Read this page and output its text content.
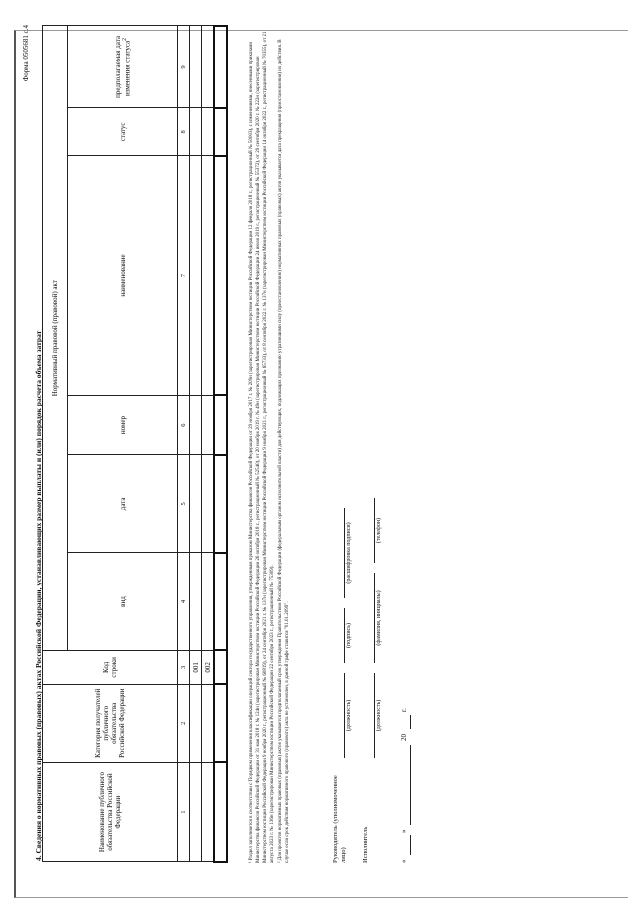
Форма 0505681 с.4
4. Сведения о нормативных правовых (правовых) актах Российской Федерации, устанавливающих размер выплаты и (или) порядок расчета объема затрат	Наименование публичного обязательства Российской Федерации	Категория получателей публичного обязательства Российской Федерации	Код строки	Нормативный правовой (правовой) акт					
			вид	дата	номер	наименование	статус	предполагаемая дата изменения статуса$^2$
1	2	3	4	5	6	7	8	9
		001						
		002						
									¹ Раздел заполняется в соответствии с Порядком применения классификации операций сектора государственного управления, утвержденным приказом Министерства финансов Российской Федерации от 29 ноября 2017 г. № 209н (зарегистрирован Министерством юстиции Российской Федерации 12 февраля 2018 г., регистрационный № 50003), с изменениями, внесенными приказами Министерства финансов Российской Федерации от 31 мая 2018 г. № 124н (зарегистрирован Министерством юстиции Российской Федерации 26 октября 2018 г., регистрационный № 52540), от 20 ноября 2019 г. № 49н (зарегистрирован Министерством юстиции Российской Федерации 24 июля 2019 г., регистрационный № 55372), от 29 сентября 2020 г. № 222н (зарегистрирован Министерством юстиции Российской Федерации 9 ноября 2020 г., регистрационный № 60819), от 24 сентября 2021 г. № 137н (зарегистрирован Министерством юстиции Российской Федерации 9 ноября 2021 г., регистрационный № 65733), от 8 сентября 2022 г. № 137н (зарегистрирован Министерством юстиции Российской Федерации 14 октября 2022 г., регистрационный № 70355), от 21 августа 2023 г. № 136н (зарегистрирован Министерством юстиции Российской Федерации 22 сентября 2023 г., регистрационный № 75309). ² Для проектов нормативных правовых (правовых) актов указывается предполагаемый срок утверждения Правительством Российской Федерации (федеральным органом исполнительной власти) для действующих, подлежащих признанию утратившими силу (приостановлению) нормативных правовых (правовых) актов указывается дата прекращения (приостановления) их действия. В случае если срок действия нормативного правового (правового) акта не установлен, в данной графе ставится "01.01.2099".	Руководитель (уполномоченное лицо)
(должность)
(подпись)
(расшифровка подписи)
Исполнитель
(должность)
(фамилия, инициалы)
(телефон)
«
»
20
г.
